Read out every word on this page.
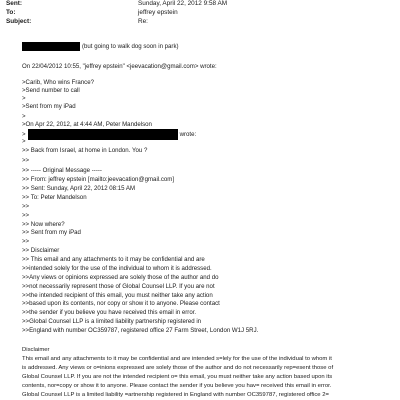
Sent:	Sunday, April 22, 2012 9:58 AM
To:	jeffrey epstein
Subject:	Re:
(but going to walk dog soon in park)
On 22/04/2012 10:55, "jeffrey epstein" <jeevacation@gmail.com> wrote:
>Carib, Who wins France?
>Send number to call
>
>Sent from my iPad
>
>On Apr 22, 2012, at 4:44 AM, Peter Mandelson
>	wrote:
>
>> Back from Israel, at home in London. You ?
>>
>> ----- Original Message -----
>> From: jeffrey epstein [mailto:jeevacation@gmail.com]
>> Sent: Sunday, April 22, 2012 08:15 AM
>> To: Peter Mandelson
>>
>>
>> Now where?
>> Sent from my iPad
>>
>> Disclaimer
>> This email and any attachments to it may be confidential and are
>>intended solely for the use of the individual to whom it is addressed.
>>Any views or opinions expressed are solely those of the author and do
>>not necessarily represent those of Global Counsel LLP. If you are not
>>the intended recipient of this email, you must neither take any action
>>based upon its contents, nor copy or show it to anyone. Please contact
>>the sender if you believe you have received this email in error.
>>Global Counsel LLP is a limited liability partnership registered in
>>England with number OC359787, registered office 27 Farm Street, London W1J 5RJ.
Disclaimer
This email and any attachments to it may be confidential and are intended s=lely for the use of the individual to whom it
is addressed. Any views or o=inions expressed are solely those of the author and do not necessarily rep=esent those of
Global Counsel LLP. If you are not the intended recipient o= this email, you must neither take any action based upon its
contents, nor=copy or show it to anyone. Please contact the sender if you believe you hav= received this email in error.
Global Counsel LLP is a limited liability =artnership registered in England with number OC359787, registered office 2=
